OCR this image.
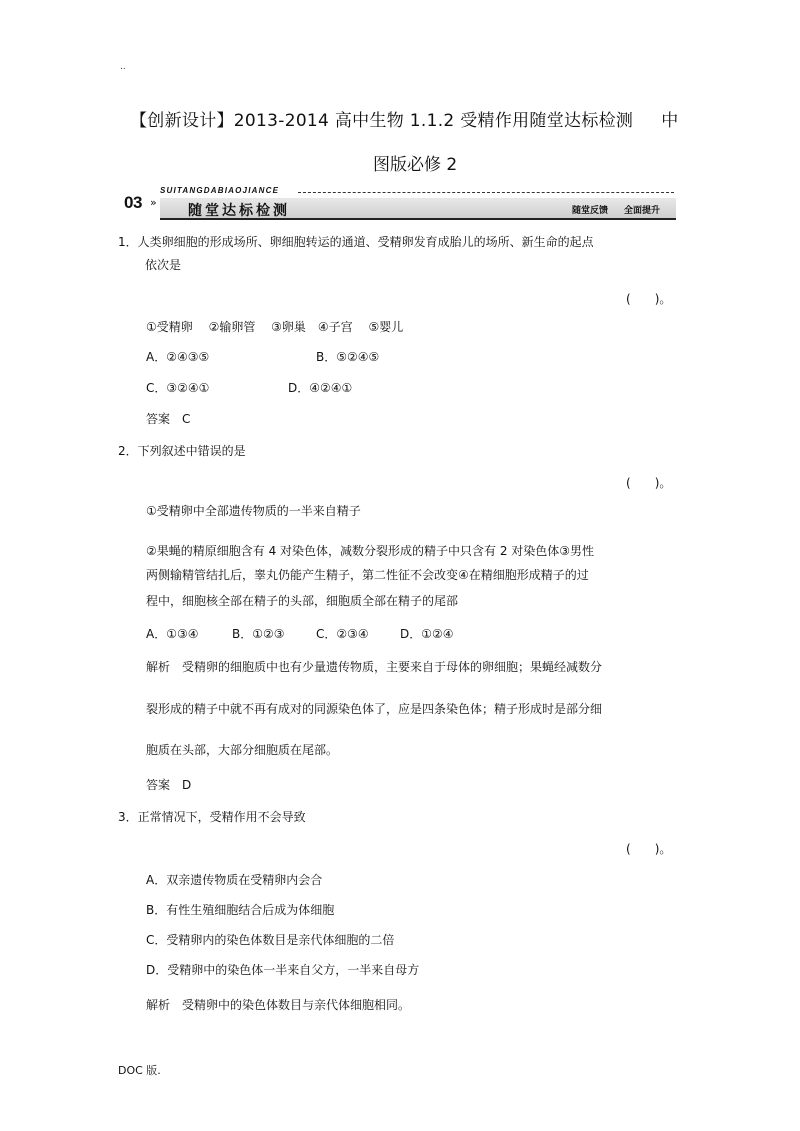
..
【创新设计】2013-2014 高中生物 1.1.2 受精作用随堂达标检测 中
图版必修 2
03 »
SUITANGDABIAOJIANCE
随堂达标检测	随堂反馈 全面提升
1．人类卵细胞的形成场所、卵细胞转运的通道、受精卵发育成胎儿的场所、新生命的起点
依次是
( )。
①受精卵　 ②输卵管　 ③卵巢　④子宫　 ⑤婴儿
A．②④③⑤	B．⑤②④⑤
C．③②④①	D．④②④①
答案　C
2．下列叙述中错误的是
( )。
①受精卵中全部遗传物质的一半来自精子
②果蝇的精原细胞含有 4 对染色体，减数分裂形成的精子中只含有 2 对染色体③男性
两侧输精管结扎后，睾丸仍能产生精子，第二性征不会改变④在精细胞形成精子的过
程中，细胞核全部在精子的头部，细胞质全部在精子的尾部
A．①③④	B．①②③	C．②③④	D．①②④
解析　受精卵的细胞质中也有少量遗传物质，主要来自于母体的卵细胞；果蝇经减数分
裂形成的精子中就不再有成对的同源染色体了，应是四条染色体；精子形成时是部分细
胞质在头部，大部分细胞质在尾部。
答案　D
3．正常情况下，受精作用不会导致
( )。
A．双亲遗传物质在受精卵内会合
B．有性生殖细胞结合后成为体细胞
C．受精卵内的染色体数目是亲代体细胞的二倍
D．受精卵中的染色体一半来自父方，一半来自母方
解析　受精卵中的染色体数目与亲代体细胞相同。
DOC 版.
